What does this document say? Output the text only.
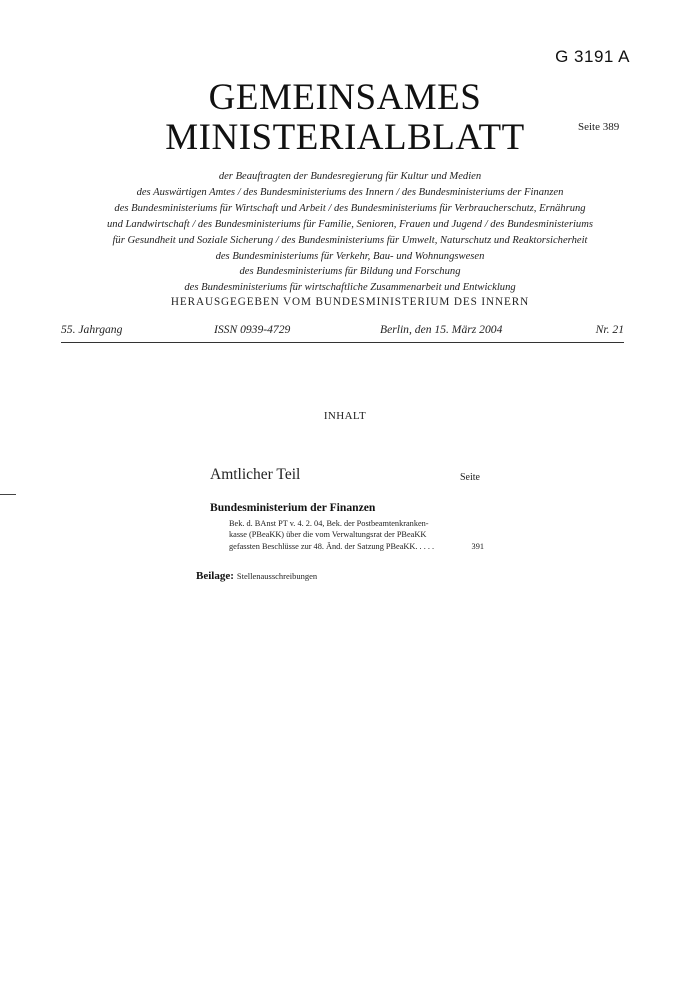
G 3191 A
GEMEINSAMES
MINISTERIALBLATT	Seite 389
der Beauftragten der Bundesregierung für Kultur und Medien
des Auswärtigen Amtes / des Bundesministeriums des Innern / des Bundesministeriums der Finanzen
des Bundesministeriums für Wirtschaft und Arbeit / des Bundesministeriums für Verbraucherschutz, Ernährung
und Landwirtschaft / des Bundesministeriums für Familie, Senioren, Frauen und Jugend / des Bundesministeriums
für Gesundheit und Soziale Sicherung / des Bundesministeriums für Umwelt, Naturschutz und Reaktorsicherheit
des Bundesministeriums für Verkehr, Bau- und Wohnungswesen
des Bundesministeriums für Bildung und Forschung
des Bundesministeriums für wirtschaftliche Zusammenarbeit und Entwicklung
HERAUSGEGEBEN VOM BUNDESMINISTERIUM DES INNERN
55. Jahrgang	ISSN 0939-4729	Berlin, den 15. März 2004	Nr. 21
INHALT
Amtlicher Teil	Seite
Bundesministerium der Finanzen
Bek. d. BAnst PT v. 4. 2. 04, Bek. der Postbeamtenkranken-
kasse (PBeaKK) über die vom Verwaltungsrat der PBeaKK
gefassten Beschlüsse zur 48. Änd. der Satzung PBeaKK. . . . .	391
Beilage: Stellenausschreibungen
